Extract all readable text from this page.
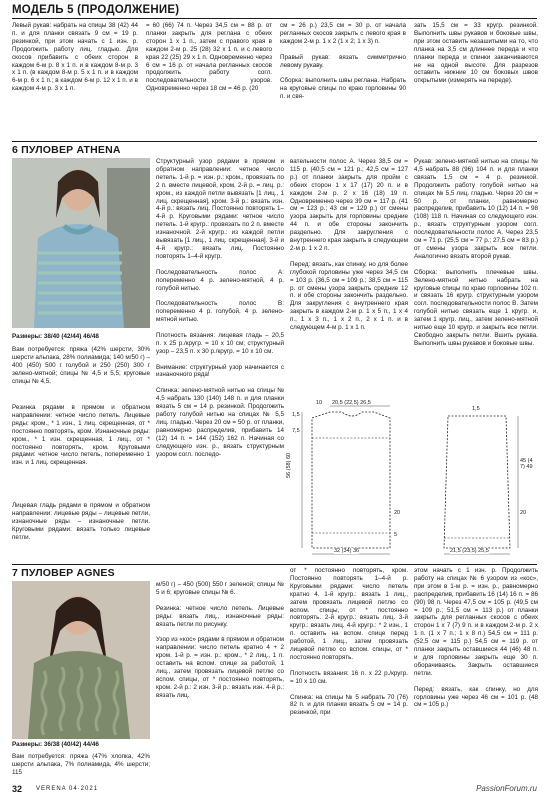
МОДЕЛЬ 5 (ПРОДОЛЖЕНИЕ)
Левый рукав: набрать на спицы 38 (42) 44 п. и для планки связать 9 см = 19 р. резинкой, при этом начать с 1 изн. р. Продолжить работу лиц. гладью. Для скосов прибавить с обеих сторон в каждом 6-м р. 8 х 1 п. и в каждом 8-м р. 3 х 1 п. (в каждом 8-м р. 5 х 1 п. и в каждом 6-м р. 6 х 1 п.; в каждом 6-м р. 12 х 1 п. и в каждом 4-м р. 3 х 1 п.
= 60 (66) 74 п. Через 34,5 см = 88 р. от планки закрыть для реглана с обеих сторон 1 х 1 п., затем с правого края в каждом 2-м р. 25 (28) 32 х 1 п. и с левого края 22 (25) 29 х 1 п. Одновременно через 6 см = 16 р. от начала регланных скосов продолжить работу согл. последовательности узоров. Одновременно через 18 см = 46 р. (20
см = 26 р.) 23,5 см = 30 р. от начала регланных скосов закрыть с левого края в каждом 2-м р. 1 х 2 (1 х 2; 1 х 3) п.

Правый рукав: вязать симметрично левому рукаву.

Сборка: выполнить швы реглана. Набрать на круговые спицы по краю горловины 90 п. и свя-
зать 15,5 см = 33 кругр. резинкой. Выполнить швы рукавов и боковые швы, при этом оставить незашитыми на то, что планка на 3,5 см длиннее переда и что планки переда и спинки заканчиваются не на одной высоте. Для разрезов оставить нижние 10 см боковых швов открытыми (измерять на переде).
6 ПУЛОВЕР ATHENA
Размеры: 38/40 (42/44) 46/48
Вам потребуется: пряжа (42% шерсти, 30% шерсти альпака, 28% полиамида; 140 м/50 г) – 400 (450) 500 г голубой и 250 (250) 300 г зелено-мятной; спицы № 4,5 и 5,5; круговые спицы № 4,5.
Резинка рядами в прямом и обратном направлении: четное число петель. Лицевые ряды: кром., * 1 изн., 1 лиц. скрещенная, от * постоянно повторять, кром. Изнаночные ряды: кром., * 1 изн. скрещенная, 1 лиц., от * постоянно повторять, кром. Круговыми рядами: четное число петель, попеременно 1 изн. и 1 лиц. скрещенная.
Лицевая гладь рядами в прямом и обратном направлении: лицевые ряды – лицевые петли, изнаночные ряды – изнаночные петли. Круговыми рядами: вязать только лицевые петли.
Структурный узор рядами в прямом и обратном направлении: четное число петель. 1-й р. = изн. р.: кром., провязать по 2 п. вместе лицевой, кром. 2-й р. = лиц. р.: кром., из каждой петли вывязать [1 лиц., 1 лиц. скрещенная], кром. 3-й р.: вязать изн. 4-й р.: вязать лиц. Постоянно повторять 1–4-й р. Круговыми рядами: четное число петель. 1-й кругр.: провязать по 2 п. вместе изнаночной. 2-й кругр.: из каждой петли вывязать [1 лиц., 1 лиц. скрещенная]. 3-й и 4-й кругр.: вязать лиц. Постоянно повторять 1–4-й кругр.

Последовательность полос А: попеременно 4 р. зелено-мятной, 4 р. голубой нитью.

Последовательность полос В: попеременно 4 р. голубой, 4 р. зелено-мятной нитью.

Плотность вязания: лицевая гладь – 20,5 п. х 25 р./кругр. = 10 х 10 см; структурный узор – 23,5 п. х 30 р./кругр. = 10 х 10 см.

Внимание: структурный узор начинается с изнаночного ряда!

Спинка: зелено-мятной нитью на спицы № 4,5 набрать 130 (140) 148 п. и для планки вязать 5 см = 14 р. резинкой. Продолжить работу голубой нитью на спицах № 5,5 лиц. гладью. Через 20 см = 50 р. от планки, равномерно распределив, прибавить 14 (12) 14 п. = 144 (152) 162 п. Начиная со следующего изн. р., вязать структурным узором согл. последо-
вательности полос А. Через 38,5 см = 115 р. (40,5 см = 121 р.; 42,5 см = 127 р.) от планки закрыть для пройм с обеих сторон 1 х 17 (17) 20 п. и в каждом 2-м р. 2 х 16 (18) 19 п. Одновременно через 39 см = 117 р. (41 см = 123 р.; 43 см = 129 р.) от смены узора закрыть для горловины средние 44 п. и обе стороны закончить раздельно. Для закругления с внутреннего края закрыть в следующем 2-м р. 1 х 2 п.

Перед: вязать, как спинку, но для более глубокой горловины уже через 34,5 см = 103 р. (36,5 см = 109 р.; 38,5 см = 115 р. от смены узора закрыть средние 12 п. и обе стороны закончить раздельно. Для закругления с внутреннего края закрыть в каждом 2-м р. 1 х 5 п., 1 х 4 п., 1 х 3 п., 1 х 2 п., 2 х 1 п. и в следующем 4-м р. 1 х 1 п.
Рукав: зелено-мятной нитью на спицы № 4,5 набрать 88 (96) 104 п. и для планки связать 1,5 см = 4 р. резинкой. Продолжить работу голубой нитью на спицах № 5,5 лиц. гладью. Через 20 см = 50 р. от планки, равномерно распределив, прибавить 10 (12) 14 п. = 98 (108) 118 п. Начиная со следующего изн. р., вязать структурным узором согл. последовательности полос А. Через 23,5 см = 71 р. (25,5 см = 77 р.; 27,5 см = 83 р.) от смены узора закрыть все петли. Аналогично вязать второй рукав.

Сборка: выполнить плечевые швы. Зелено-мятной нитью набрать на круговые спицы по краю горловины 102 п. и связать 16 кругр. структурным узором согл. последовательности полос В. Затем голубой нитью связать еще 1 кругр. и, затем 1 кругр. лиц., затем зелено-мятной нитью еще 10 кругр. и закрыть все петли. Свободно закрыть петли. Вшить рукава. Выполнить швы рукавов и боковые швы.
20,5 (22,5) 26,5
10
1,5
7,5
56 (58) 60
20
32 (34) 36
5
1,5
45 (47) 49
20
21,5 (23,5) 25,5
7 ПУЛОВЕР AGNES
Размеры: 36/38 (40/42) 44/46
Вам потребуется: пряжа (47% хлопка, 42% шерсти альпака, 7% полиамида, 4% шерсти; 115
м/50 г) – 450 (500) 550 г зеленой; спицы № 5 и 6; круговые спицы № 6.

Резинка: четное число петель. Лицевые ряды: вязать лиц., изнаночные ряды: вязать петли по рисунку.

Узор из «кос» рядами в прямом и обратном направлении: число петель кратно 4 + 2 кром. 1-й р. = изн. р.: кром., * 2 лиц., 1 п. оставить на вспом. спице за работой, 1 лиц., затем провязать лицевой петлю со вспом. спицы, от * постоянно повторять, кром. 2-й р.: 2 изн. 3-й р.: вязать изн. 4-й р.: вязать лиц.
от * постоянно повторять, кром. Постоянно повторять 1–4-й р. Круговыми рядами: число петель кратно 4. 1-й кругр.: вязать 1 лиц., затем провязать лицевой петлю со вспом. спицы, от * постоянно повторять. 2-й кругр.: вязать лиц. 3-й кругр.: вязать лиц. 4-й кругр.: * 2 изн., 1 п. оставить на вспом. спице перед работой, 1 лиц., затем провязать лицевой петлю со вспом. спицы, от * постоянно повторять.

Плотность вязания: 16 п. х 22 р./кругр. = 10 х 10 см.

Спинка: на спицы № 5 набрать 70 (76) 82 п. и для планки вязать 5 см = 14 р. резинкой, при
этом начать с 1 изн. р. Продолжить работу на спицах № 6 узором из «кос», при этом в 1-м р. = изн. р., равномерно распределив, прибавить 16 (14) 16 п. = 86 (90) 98 п. Через 47,5 см = 105 р. (49,5 см = 109 р.; 51,5 см = 113 р.) от планки закрыть для регланных скосов с обеих сторон 1 х 7 (7) 9 п. и в каждом 2-м р. 2 х 1 п. (1 х 7 п.; 1 х 8 п.) 54,5 см = 111 р. (52,5 см = 115 р.) 54,5 см = 119 р. от планки закрыть оставшиеся 44 (46) 48 п. и для горловины закрыть еще 30 п. оборачиваясь. Закрыть оставшиеся петли.

Перед: вязать, как спинку, но для горловины уже через 46 см = 101 р. (48 см = 105 р.)
32 VERENA 04·2021	PassionForum.ru
